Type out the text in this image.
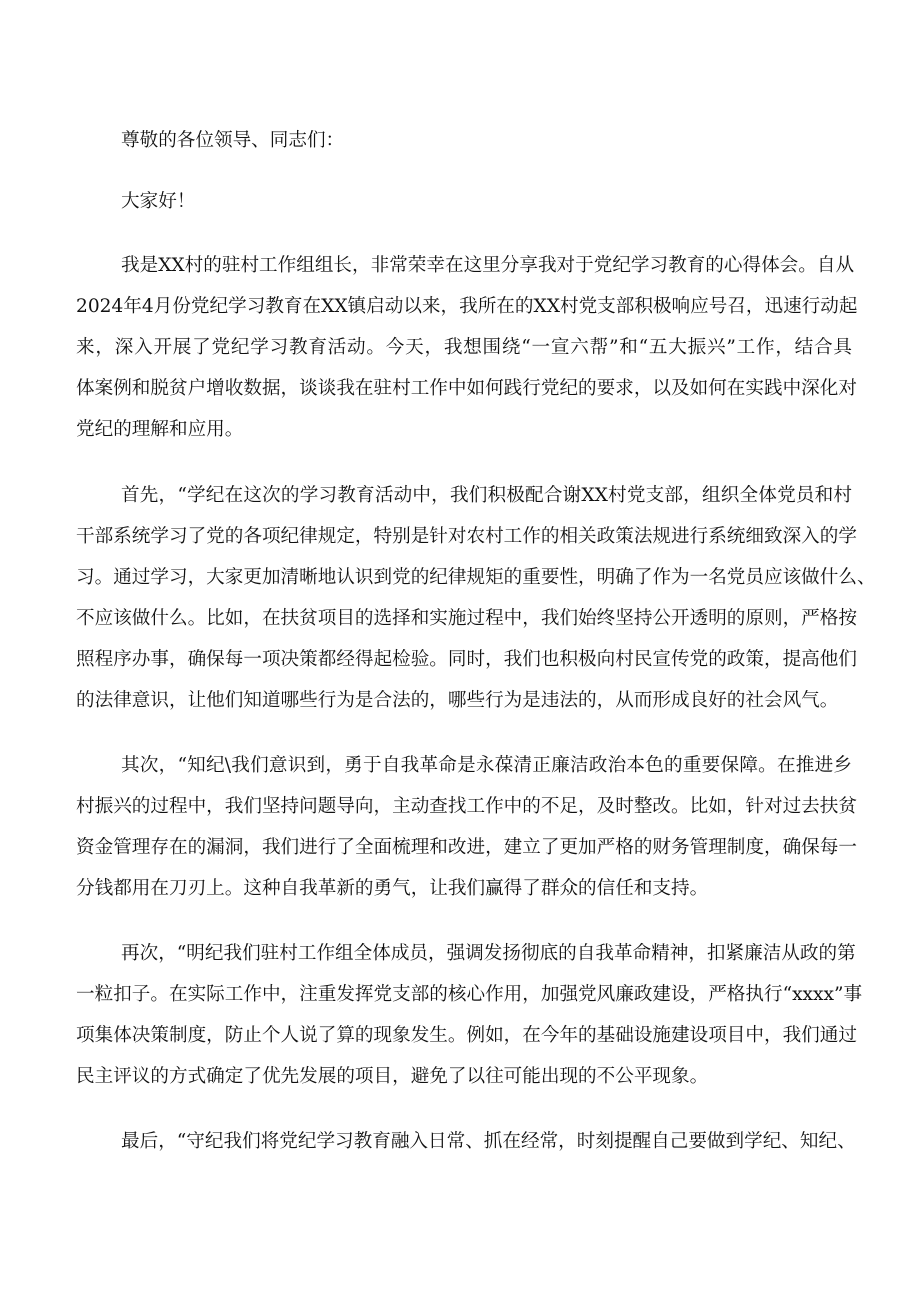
尊敬的各位领导、同志们：
大家好！
我是XX村的驻村工作组组长，非常荣幸在这里分享我对于党纪学习教育的心得体会。自从
2024年4月份党纪学习教育在XX镇启动以来，我所在的XX村党支部积极响应号召，迅速行动起
来，深入开展了党纪学习教育活动。今天，我想围绕“一宣六帮”和“五大振兴”工作，结合具
体案例和脱贫户增收数据，谈谈我在驻村工作中如何践行党纪的要求，以及如何在实践中深化对
党纪的理解和应用。
首先，“学纪在这次的学习教育活动中，我们积极配合谢XX村党支部，组织全体党员和村
干部系统学习了党的各项纪律规定，特别是针对农村工作的相关政策法规进行系统细致深入的学
习。通过学习，大家更加清晰地认识到党的纪律规矩的重要性，明确了作为一名党员应该做什么、
不应该做什么。比如，在扶贫项目的选择和实施过程中，我们始终坚持公开透明的原则，严格按
照程序办事，确保每一项决策都经得起检验。同时，我们也积极向村民宣传党的政策，提高他们
的法律意识，让他们知道哪些行为是合法的，哪些行为是违法的，从而形成良好的社会风气。
其次，“知纪\我们意识到，勇于自我革命是永葆清正廉洁政治本色的重要保障。在推进乡
村振兴的过程中，我们坚持问题导向，主动查找工作中的不足，及时整改。比如，针对过去扶贫
资金管理存在的漏洞，我们进行了全面梳理和改进，建立了更加严格的财务管理制度，确保每一
分钱都用在刀刃上。这种自我革新的勇气，让我们赢得了群众的信任和支持。
再次，“明纪我们驻村工作组全体成员，强调发扬彻底的自我革命精神，扣紧廉洁从政的第
一粒扣子。在实际工作中，注重发挥党支部的核心作用，加强党风廉政建设，严格执行“xxxx”事
项集体决策制度，防止个人说了算的现象发生。例如，在今年的基础设施建设项目中，我们通过
民主评议的方式确定了优先发展的项目，避免了以往可能出现的不公平现象。
最后，“守纪我们将党纪学习教育融入日常、抓在经常，时刻提醒自己要做到学纪、知纪、
